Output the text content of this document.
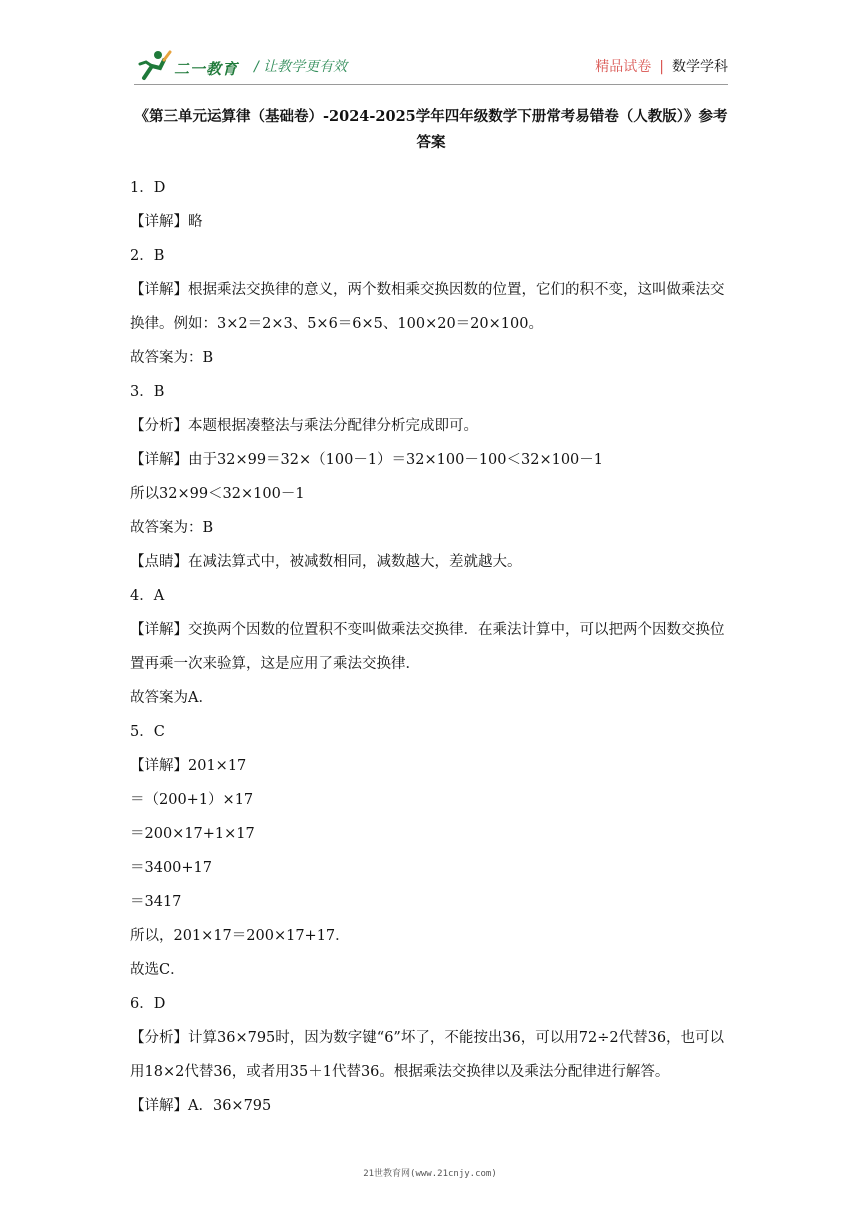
二一教育 / 让教学更有效	精品试卷 | 数学学科
《第三单元运算律（基础卷）-2024-2025学年四年级数学下册常考易错卷（人教版）》参考答案
1．D
【详解】略
2．B
【详解】根据乘法交换律的意义，两个数相乘交换因数的位置，它们的积不变，这叫做乘法交换律。例如：3×2＝2×3、5×6＝6×5、100×20＝20×100。
故答案为：B
3．B
【分析】本题根据凑整法与乘法分配律分析完成即可。
【详解】由于32×99＝32×（100－1）＝32×100－100＜32×100－1
所以32×99＜32×100－1
故答案为：B
【点睛】在减法算式中，被减数相同，减数越大，差就越大。
4．A
【详解】交换两个因数的位置积不变叫做乘法交换律．在乘法计算中，可以把两个因数交换位置再乘一次来验算，这是应用了乘法交换律．
故答案为A．
5．C
【详解】201×17
＝（200+1）×17
＝200×17+1×17
＝3400+17
＝3417
所以，201×17＝200×17+17．
故选C．
6．D
【分析】计算36×795时，因为数字键“6”坏了，不能按出36，可以用72÷2代替36，也可以用18×2代替36，或者用35＋1代替36。根据乘法交换律以及乘法分配律进行解答。
【详解】A．36×795
21世教育网(www.21cnjy.com)
